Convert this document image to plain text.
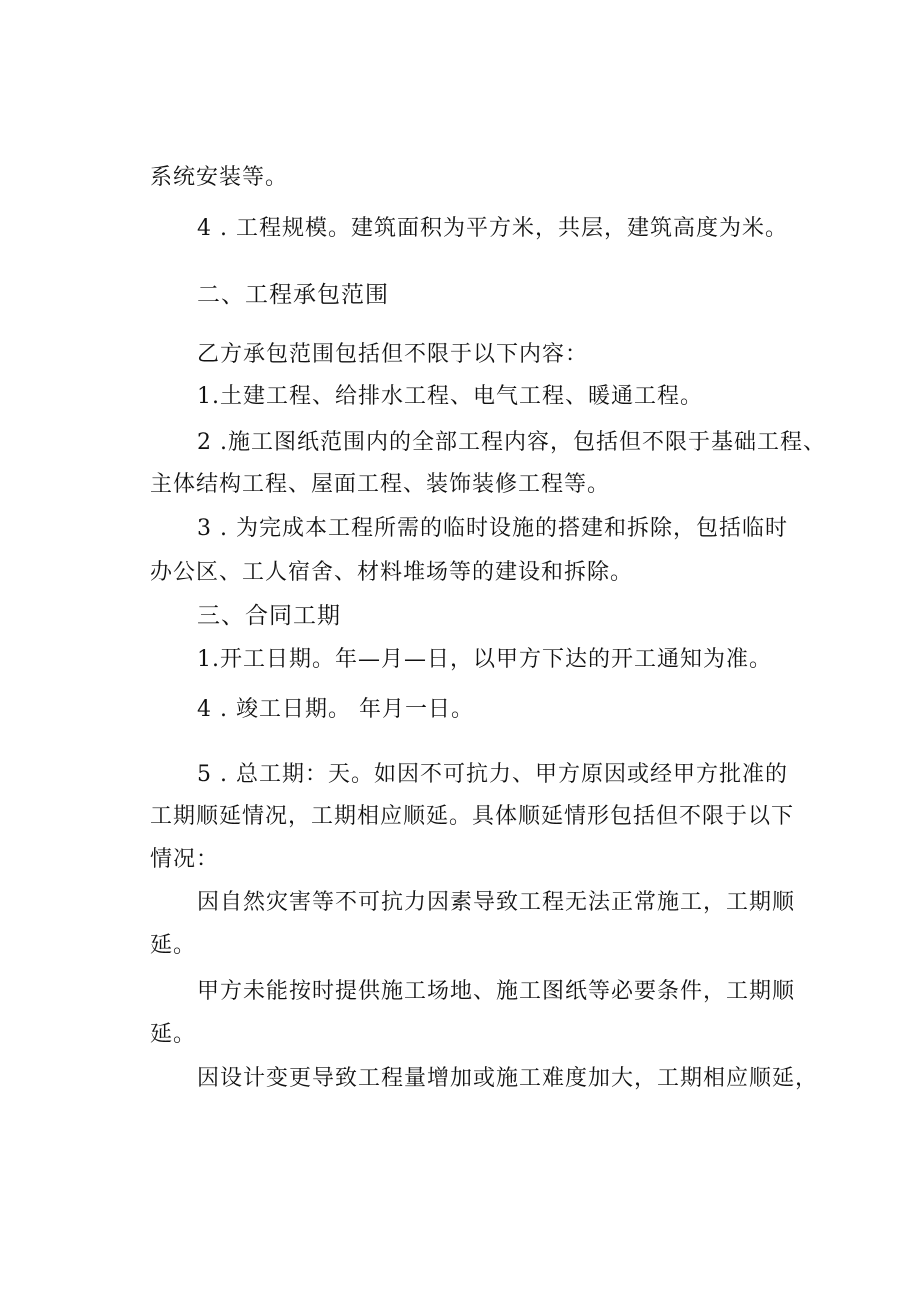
系统安装等。
4 . 工程规模。建筑面积为平方米，共层，建筑高度为米。
二、工程承包范围
乙方承包范围包括但不限于以下内容：
1.土建工程、给排水工程、电气工程、暖通工程。
2 .施工图纸范围内的全部工程内容，包括但不限于基础工程、
主体结构工程、屋面工程、装饰装修工程等。
3 . 为完成本工程所需的临时设施的搭建和拆除，包括临时
办公区、工人宿舍、材料堆场等的建设和拆除。
三、合同工期
1.开工日期。年—月—日，以甲方下达的开工通知为准。
4 . 竣工日期。 年月一日。
5 . 总工期：天。如因不可抗力、甲方原因或经甲方批准的
工期顺延情况，工期相应顺延。具体顺延情形包括但不限于以下
情况：
因自然灾害等不可抗力因素导致工程无法正常施工，工期顺
延。
甲方未能按时提供施工场地、施工图纸等必要条件，工期顺
延。
因设计变更导致工程量增加或施工难度加大，工期相应顺延，
